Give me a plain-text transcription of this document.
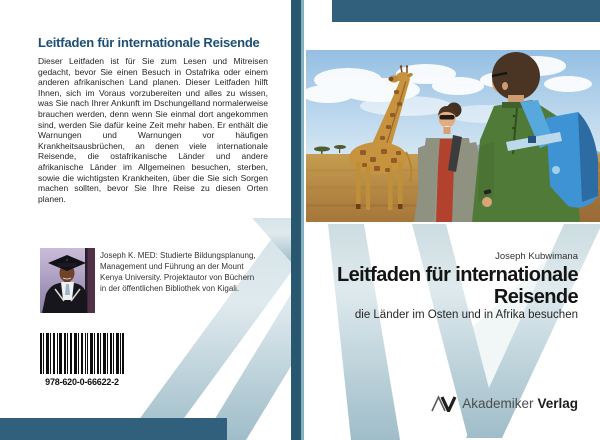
Leitfaden für internationale Reisende
Dieser Leitfaden ist für Sie zum Lesen und Mitreisen gedacht, bevor Sie einen Besuch in Ostafrika oder einem anderen afrikanischen Land planen. Dieser Leitfaden hilft Ihnen, sich im Voraus vorzubereiten und alles zu wissen, was Sie nach Ihrer Ankunft im Dschungelland normalerweise brauchen werden, denn wenn Sie einmal dort angekommen sind, werden Sie dafür keine Zeit mehr haben. Er enthält die Warnungen und Warnungen vor häufigen Krankheitsausbrüchen, an denen viele internationale Reisende, die ostafrikanische Länder und andere afrikanische Länder im Allgemeinen besuchen, sterben, sowie die wichtigsten Krankheiten, über die Sie sich Sorgen machen sollten, bevor Sie Ihre Reise zu diesen Orten planen.
Joseph K. MED: Studierte Bildungsplanung, Management und Führung an der Mount Kenya University. Projektautor von Büchern in der öffentlichen Bibliothek von Kigali.
978-620-0-66622-2
Joseph Kubwimana
Leitfaden für internationale
Reisende
die Länder im Osten und in Afrika besuchen
Akademiker Verlag
